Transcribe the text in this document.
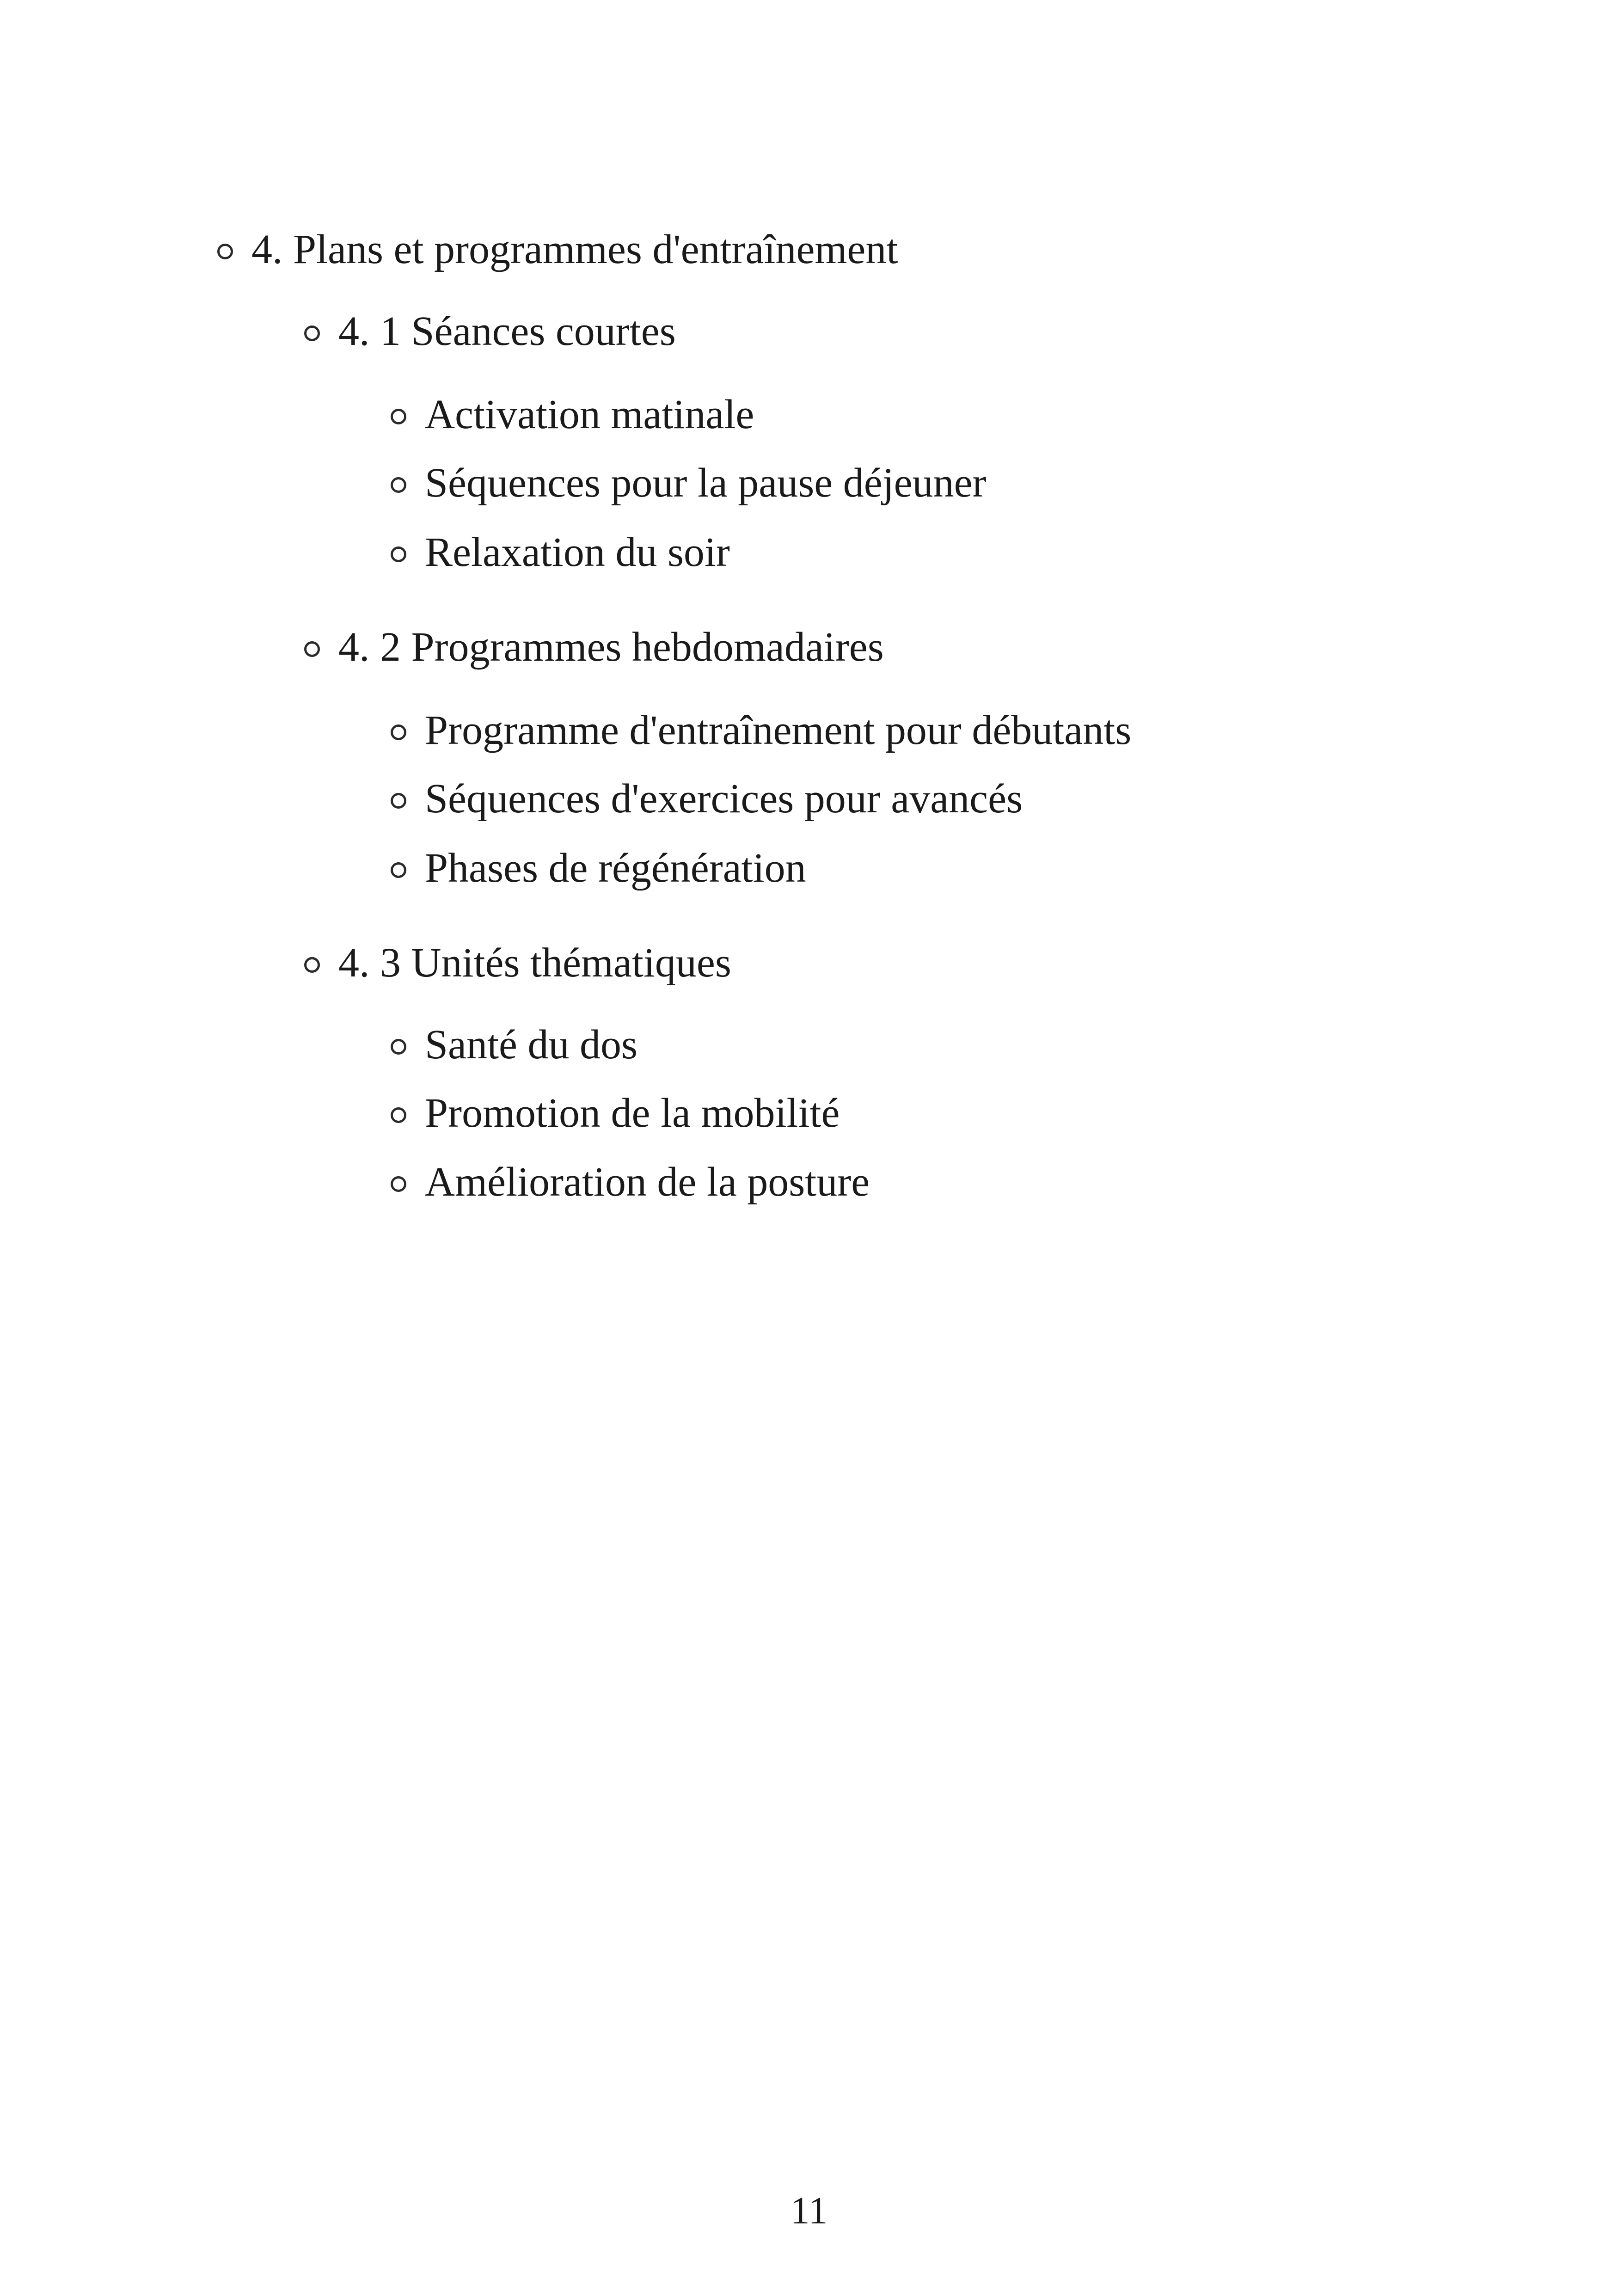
4. Plans et programmes d'entraînement
4. 1 Séances courtes
Activation matinale
Séquences pour la pause déjeuner
Relaxation du soir
4. 2 Programmes hebdomadaires
Programme d'entraînement pour débutants
Séquences d'exercices pour avancés
Phases de régénération
4. 3 Unités thématiques
Santé du dos
Promotion de la mobilité
Amélioration de la posture
11
